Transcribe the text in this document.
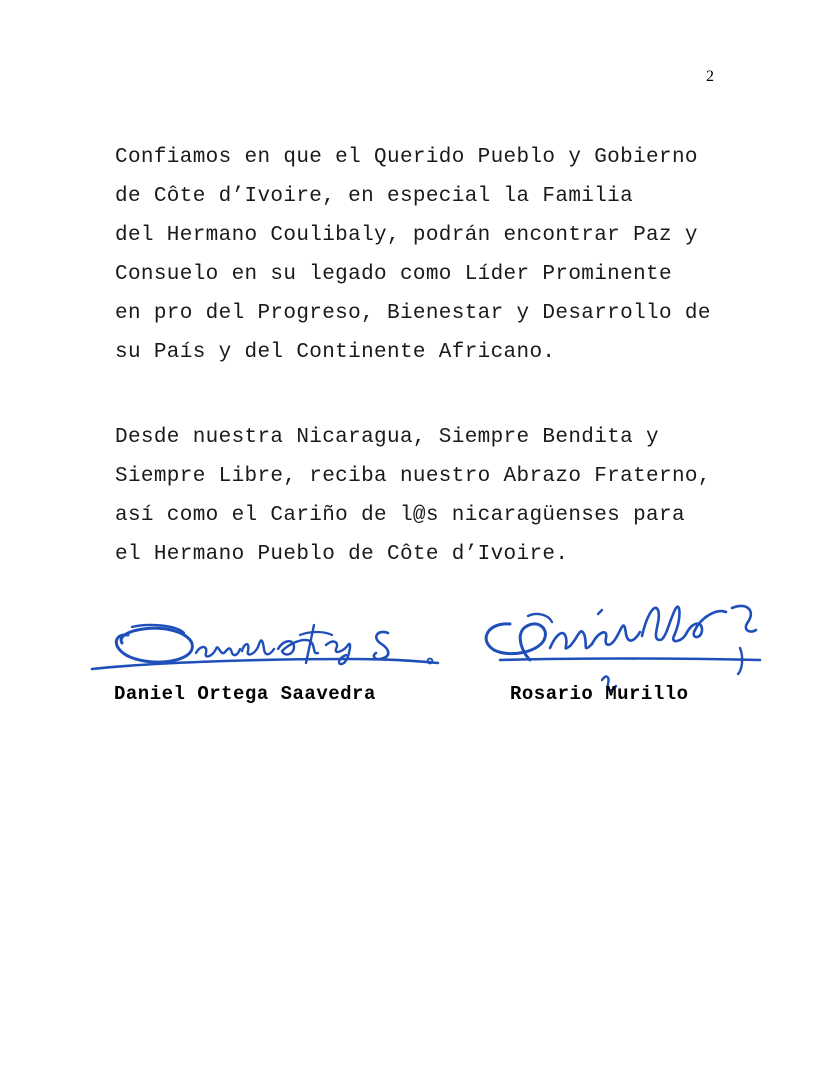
2

Confiamos en que el Querido Pueblo y Gobierno
de Côte d’Ivoire, en especial la Familia
del Hermano Coulibaly, podrán encontrar Paz y
Consuelo en su legado como Líder Prominente
en pro del Progreso, Bienestar y Desarrollo de
su País y del Continente Africano.

Desde nuestra Nicaragua, Siempre Bendita y
Siempre Libre, reciba nuestro Abrazo Fraterno,
así como el Cariño de l@s nicaragüenses para
el Hermano Pueblo de Côte d’Ivoire.

Daniel Ortega Saavedra	Rosario Murillo
